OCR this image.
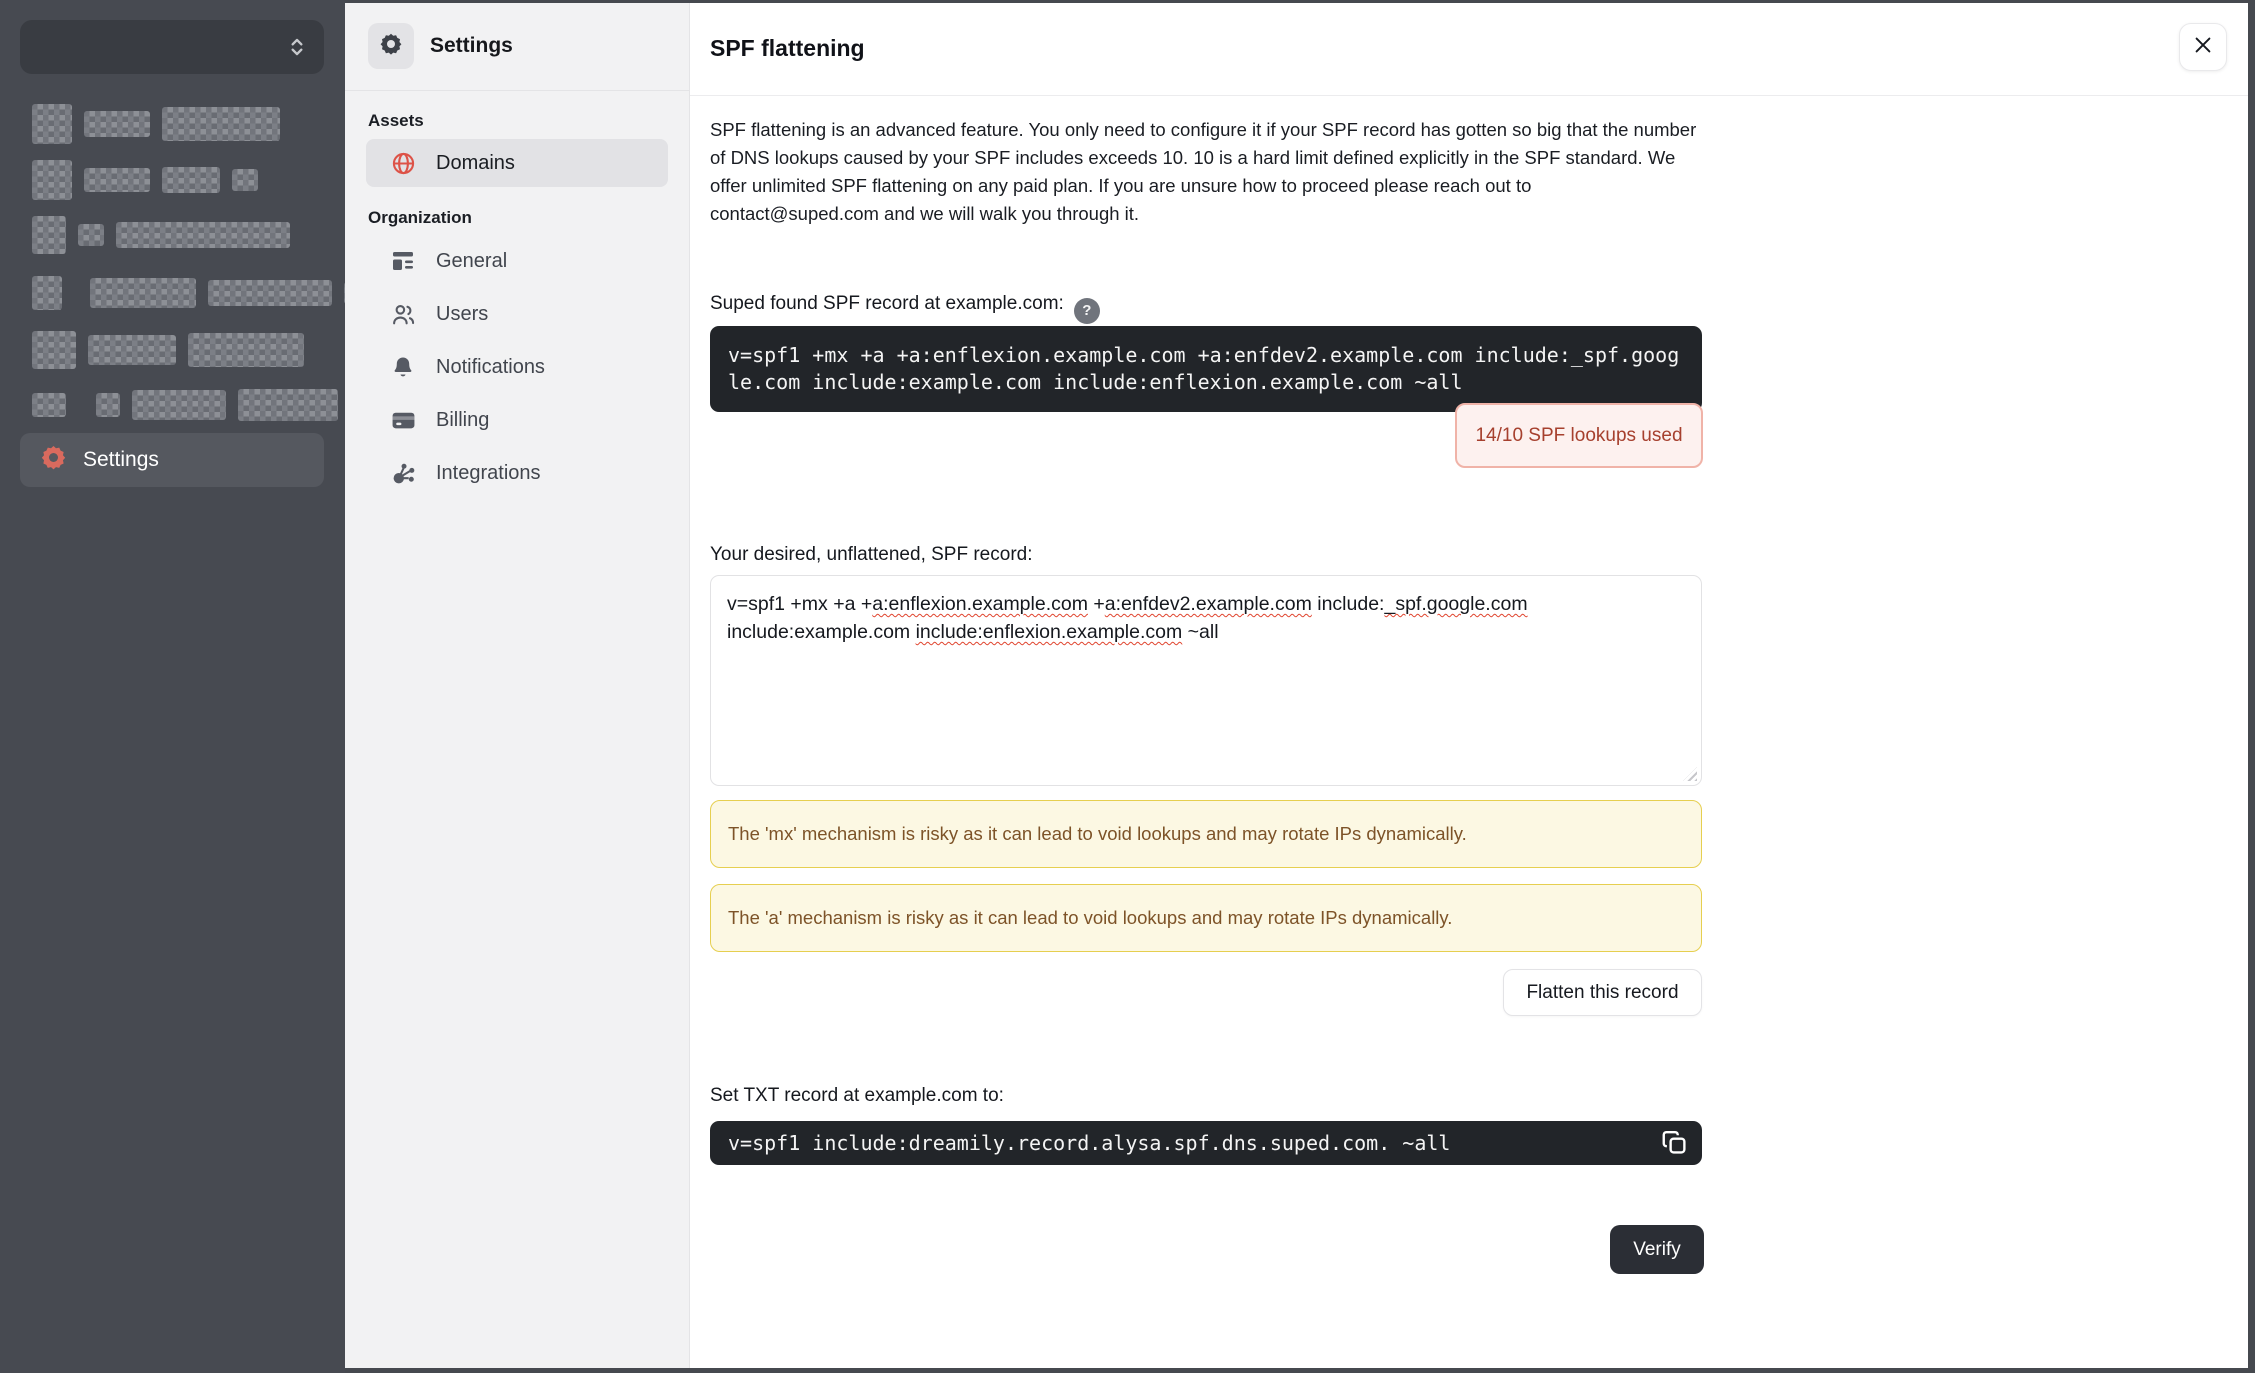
Settings
Settings
Assets
Domains
Organization
General
Users
Notifications
Billing
Integrations
SPF flattening

SPF flattening is an advanced feature. You only need to configure it if your SPF record has gotten so big that the number of DNS lookups caused by your SPF includes exceeds 10. 10 is a hard limit defined explicitly in the SPF standard. We offer unlimited SPF flattening on any paid plan. If you are unsure how to proceed please reach out to contact@suped.com and we will walk you through it.

Suped found SPF record at example.com: ?
v=spf1 +mx +a +a:enflexion.example.com +a:enfdev2.example.com include:_spf.google.com include:example.com include:enflexion.example.com ~all
14/10 SPF lookups used
Your desired, unflattened, SPF record:
v=spf1 +mx +a +a:enflexion.example.com +a:enfdev2.example.com include:_spf.google.com include:example.com include:enflexion.example.com ~all
The 'mx' mechanism is risky as it can lead to void lookups and may rotate IPs dynamically.
The 'a' mechanism is risky as it can lead to void lookups and may rotate IPs dynamically.
Flatten this record
Set TXT record at example.com to:
v=spf1 include:dreamily.record.alysa.spf.dns.suped.com. ~all
Verify
